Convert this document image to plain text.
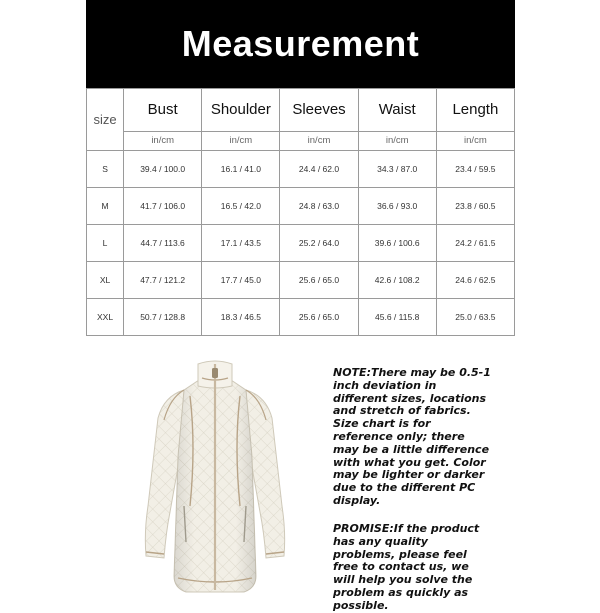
Measurement
size	Bust	Shoulder	Sleeves	Waist	Length
	in/cm	in/cm	in/cm	in/cm	in/cm
S	39.4 / 100.0	16.1 / 41.0	24.4 / 62.0	34.3 / 87.0	23.4 / 59.5
M	41.7 / 106.0	16.5 / 42.0	24.8 / 63.0	36.6 / 93.0	23.8 / 60.5
L	44.7 / 113.6	17.1 / 43.5	25.2 / 64.0	39.6 / 100.6	24.2 / 61.5
XL	47.7 / 121.2	17.7 / 45.0	25.6 / 65.0	42.6 / 108.2	24.6 / 62.5
XXL	50.7 / 128.8	18.3 / 46.5	25.6 / 65.0	45.6 / 115.8	25.0 / 63.5
NOTE:There may be 0.5-1 inch deviation in different sizes, locations and stretch of fabrics. Size chart is for reference only; there may be a little difference with what you get. Color may be lighter or darker due to the different PC display.
PROMISE:If the product has any quality problems, please feel free to contact us, we will help you solve the problem as quickly as possible.
